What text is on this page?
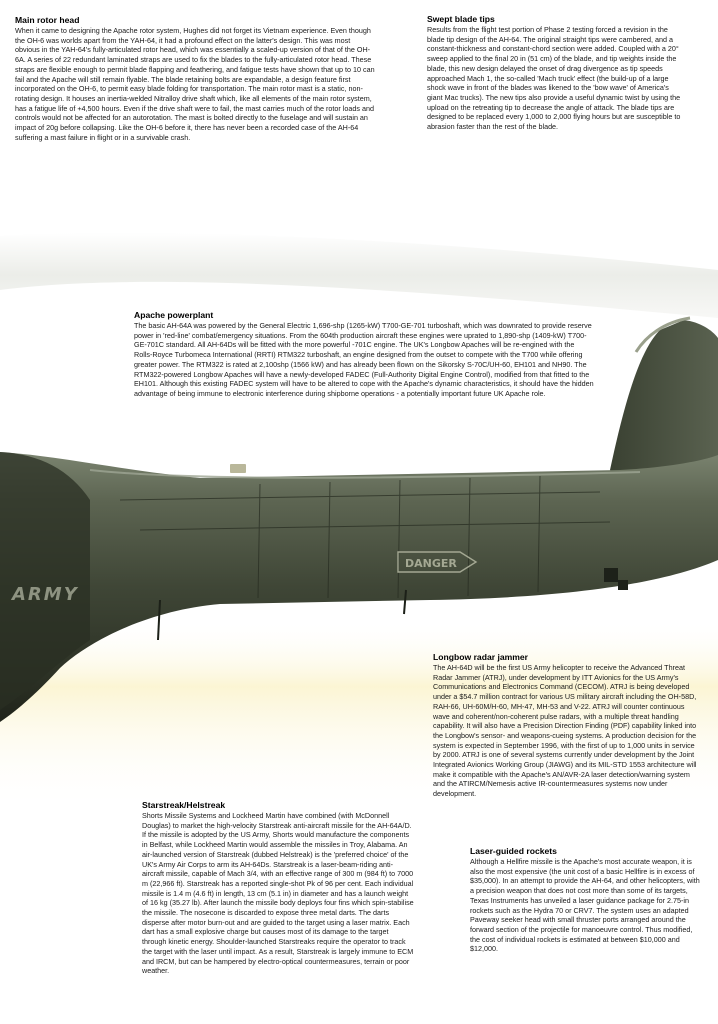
DANGER
ARMY
Main rotor head

When it came to designing the Apache rotor system, Hughes did not forget its Vietnam experience. Even though the OH-6 was worlds apart from the YAH-64, it had a profound effect on the latter's design. This was most obvious in the YAH-64's fully-articulated rotor head, which was essentially a scaled-up version of that of the OH-6A. A series of 22 redundant laminated straps are used to fix the blades to the fully-articulated rotor head. These straps are flexible enough to permit blade flapping and feathering, and fatigue tests have shown that up to 10 can fail and the Apache will still remain flyable. The blade retaining bolts are expandable, a design feature first incorporated on the OH-6, to permit easy blade folding for transportation. The main rotor mast is a static, non-rotating design. It houses an inertia-welded Nitralloy drive shaft which, like all elements of the main rotor system, has a fatigue life of +4,500 hours. Even if the drive shaft were to fail, the mast carries much of the rotor loads and controls would not be affected for an autorotation. The mast is bolted directly to the fuselage and will sustain an impact of 20g before collapsing. Like the OH-6 before it, there has never been a recorded case of the AH-64 suffering a mast failure in flight or in a survivable crash.

Swept blade tips

Results from the flight test portion of Phase 2 testing forced a revision in the blade tip design of the AH-64. The original straight tips were cambered, and a constant-thickness and constant-chord section were added. Coupled with a 20° sweep applied to the final 20 in (51 cm) of the blade, and tip weights inside the blade, this new design delayed the onset of drag divergence as tip speeds approached Mach 1, the so-called 'Mach truck' effect (the build-up of a large shock wave in front of the blades was likened to the 'bow wave' of America's giant Mac trucks). The new tips also provide a useful dynamic twist by using the upload on the retreating tip to decrease the angle of attack. The blade tips are designed to be replaced every 1,000 to 2,000 flying hours but are susceptible to abrasion faster than the rest of the blade.

Apache powerplant

The basic AH-64A was powered by the General Electric 1,696-shp (1265-kW) T700-GE-701 turboshaft, which was downrated to provide reserve power in 'red-line' combat/emergency situations. From the 604th production aircraft these engines were uprated to 1,890-shp (1409-kW) T700-GE-701C standard. All AH-64Ds will be fitted with the more powerful -701C engine. The UK's Longbow Apaches will be re-engined with the Rolls-Royce Turbomeca International (RRTI) RTM322 turboshaft, an engine designed from the outset to compete with the T700 while offering greater power. The RTM322 is rated at 2,100shp (1566 kW) and has already been flown on the Sikorsky S-70C/UH-60, EH101 and NH90. The RTM322-powered Longbow Apaches will have a newly-developed FADEC (Full-Authority Digital Engine Control), modified from that fitted to the EH101. Although this existing FADEC system will have to be altered to cope with the Apache's dynamic characteristics, it should have the hidden advantage of being immune to electronic interference during shipborne operations - a potentially important future UK Apache role.

Longbow radar jammer

The AH-64D will be the first US Army helicopter to receive the Advanced Threat Radar Jammer (ATRJ), under development by ITT Avionics for the US Army's Communications and Electronics Command (CECOM). ATRJ is being developed under a $54.7 million contract for various US military aircraft including the OH-58D, RAH-66, UH-60M/H-60, MH-47, MH-53 and V-22. ATRJ will counter continuous wave and coherent/non-coherent pulse radars, with a multiple threat handling capability. It will also have a Precision Direction Finding (PDF) capability linked into the Longbow's sensor- and weapons-cueing systems. A production decision for the system is expected in September 1996, with the first of up to 1,000 units in service by 2000. ATRJ is one of several systems currently under development by the Joint Integrated Avionics Working Group (JIAWG) and its MIL-STD 1553 architecture will make it compatible with the Apache's AN/AVR-2A laser detection/warning system and the ATIRCM/Nemesis active IR-countermeasures systems now under development.

Starstreak/Helstreak

Shorts Missile Systems and Lockheed Martin have combined (with McDonnell Douglas) to market the high-velocity Starstreak anti-aircraft missile for the AH-64A/D. If the missile is adopted by the US Army, Shorts would manufacture the components in Belfast, while Lockheed Martin would assemble the missiles in Troy, Alabama. An air-launched version of Starstreak (dubbed Helstreak) is the 'preferred choice' of the UK's Army Air Corps to arm its AH-64Ds. Starstreak is a laser-beam-riding anti-aircraft missile, capable of Mach 3/4, with an effective range of 300 m (984 ft) to 7000 m (22,966 ft). Starstreak has a reported single-shot Pk of 96 per cent. Each individual missile is 1.4 m (4.6 ft) in length, 13 cm (5.1 in) in diameter and has a launch weight of 16 kg (35.27 lb). After launch the missile body deploys four fins which spin-stabilise the missile. The nosecone is discarded to expose three metal darts. The darts disperse after motor burn-out and are guided to the target using a laser matrix. Each dart has a small explosive charge but causes most of its damage to the target through kinetic energy. Shoulder-launched Starstreaks require the operator to track the target with the laser until impact. As a result, Starstreak is largely immune to ECM and IRCM, but can be hampered by electro-optical countermeasures, terrain or poor weather.

Laser-guided rockets

Although a Hellfire missile is the Apache's most accurate weapon, it is also the most expensive (the unit cost of a basic Hellfire is in excess of $35,000). In an attempt to provide the AH-64, and other helicopters, with a precision weapon that does not cost more than some of its targets, Texas Instruments has unveiled a laser guidance package for 2.75-in rockets such as the Hydra 70 or CRV7. The system uses an adapted Paveway seeker head with small thruster ports arranged around the forward section of the projectile for manoeuvre control. Thus modified, the cost of individual rockets is estimated at between $10,000 and $12,000.
